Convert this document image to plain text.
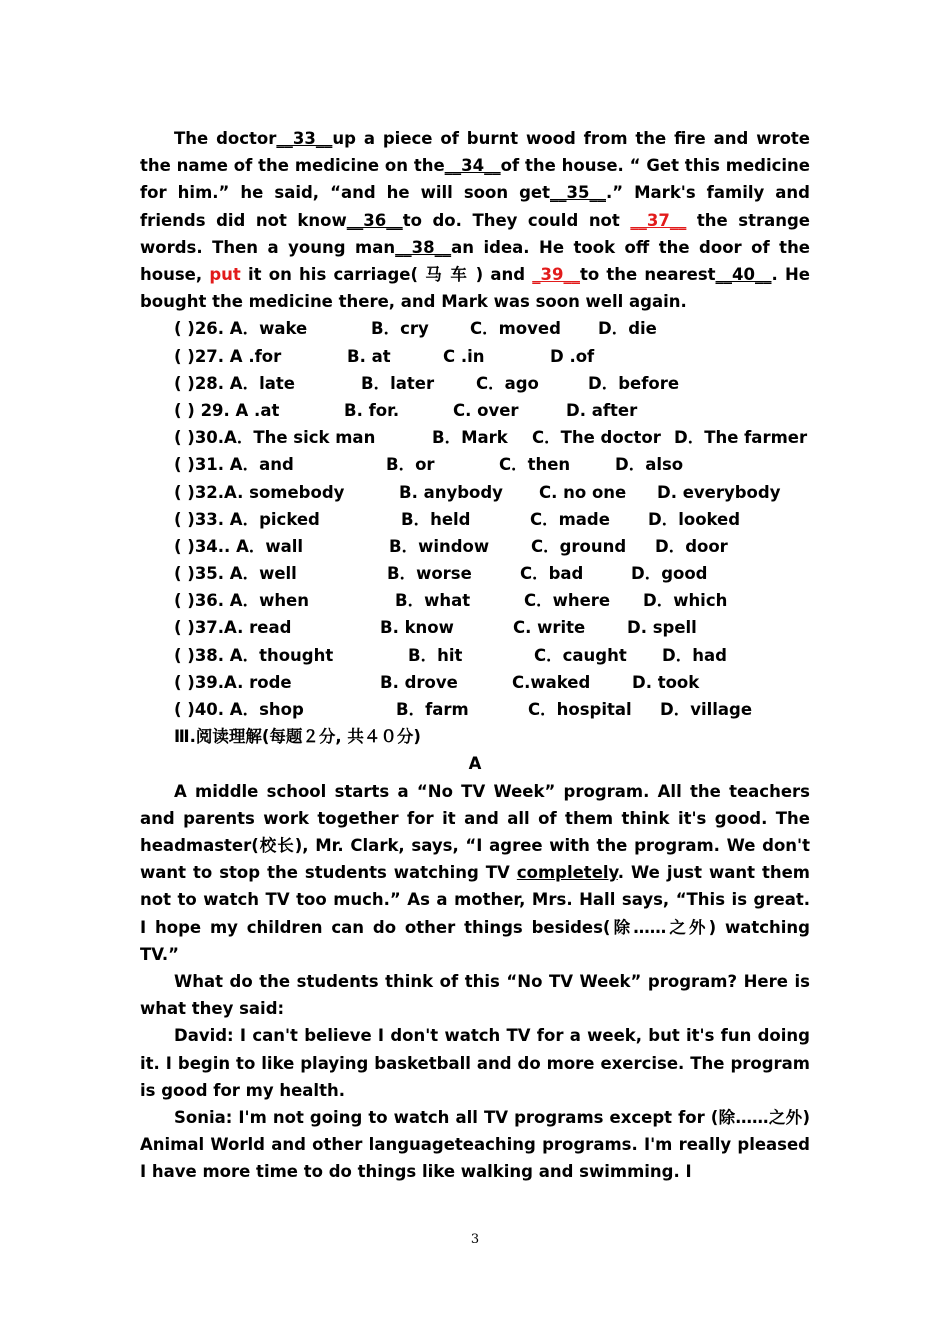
The doctor__33__up a piece of burnt wood from the fire and wrote the name of the medicine on the__34__of the house. “ Get this medicine for him.” he said, “and he will soon get__35__.” Mark's family and friends did not know__36__to do. They could not __37__ the strange words. Then a young man__38__an idea. He took off the door of the house, put it on his carriage( 马 车 ) and _39__to the nearest__40__. He bought the medicine there, and Mark was soon well again.

( )26. A．wake	B．cry	C．moved D．die
( )27. A .for	B. at	C .in	D .of
( )28. A．late	B．later	C．ago	D．before
( ) 29. A .at	B. for.	C. over	D. after
( )30.A．The sick man	B．Mark C．The doctor D．The farmer
( )31. A．and	B．or	C．then	D．also
( )32.A. somebody	B. anybody C. no one D. everybody
( )33. A．picked	B．held	C．made D．looked
( )34.. A．wall	B．window	C．ground D．door
( )35. A．well	B．worse	C．bad	D．good
( )36. A．when	B．what	C．where D．which
( )37.A. read	B. know	C. write	D. spell
( )38. A．thought	B．hit	C．caught D．had
( )39.A. rode	B. drove	C.waked	D. took
( )40. A．shop	B．farm	C．hospital D．village
Ⅲ.阅读理解(每题２分, 共４０分)
A

A middle school starts a “No TV Week” program. All the teachers and parents work together for it and all of them think it's good. The headmaster(校长), Mr. Clark, says, “I agree with the program. We don't want to stop the students watching TV completely. We just want them not to watch TV too much.” As a mother, Mrs. Hall says, “This is great. I hope my children can do other things besides(除……之外) watching TV.”

What do the students think of this “No TV Week” program? Here is what they said:

David: I can't believe I don't watch TV for a week, but it's fun doing it. I begin to like playing basketball and do more exercise. The program is good for my health.

Sonia: I'm not going to watch all TV programs except for (除……之外) Animal World and other languageteaching programs. I'm really pleased I have more time to do things like walking and swimming. I

3
